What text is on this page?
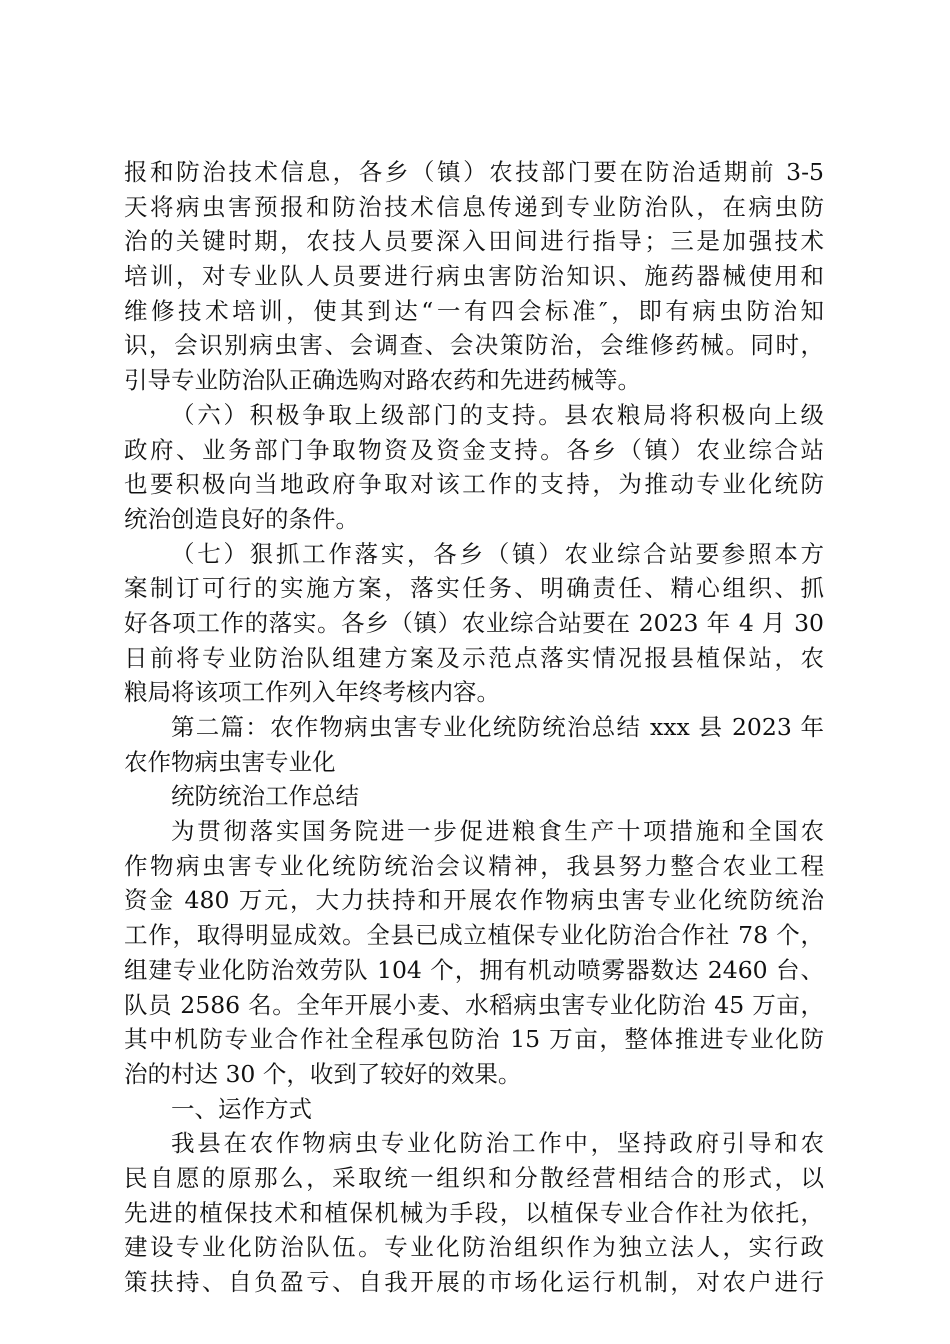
报和防治技术信息，各乡（镇）农技部门要在防治适期前 3-5
天将病虫害预报和防治技术信息传递到专业防治队，在病虫防
治的关键时期，农技人员要深入田间进行指导；三是加强技术
培训，对专业队人员要进行病虫害防治知识、施药器械使用和
维修技术培训，使其到达“一有四会标准″，即有病虫防治知
识，会识别病虫害、会调查、会决策防治，会维修药械。同时，
引导专业防治队正确选购对路农药和先进药械等。
（六）积极争取上级部门的支持。县农粮局将积极向上级
政府、业务部门争取物资及资金支持。各乡（镇）农业综合站
也要积极向当地政府争取对该工作的支持，为推动专业化统防
统治创造良好的条件。
（七）狠抓工作落实，各乡（镇）农业综合站要参照本方
案制订可行的实施方案，落实任务、明确责任、精心组织、抓
好各项工作的落实。各乡（镇）农业综合站要在 2023 年 4 月 30
日前将专业防治队组建方案及示范点落实情况报县植保站，农
粮局将该项工作列入年终考核内容。
第二篇：农作物病虫害专业化统防统治总结 xxx 县 2023 年
农作物病虫害专业化
统防统治工作总结
为贯彻落实国务院进一步促进粮食生产十项措施和全国农
作物病虫害专业化统防统治会议精神，我县努力整合农业工程
资金 480 万元，大力扶持和开展农作物病虫害专业化统防统治
工作，取得明显成效。全县已成立植保专业化防治合作社 78 个，
组建专业化防治效劳队 104 个，拥有机动喷雾器数达 2460 台、
队员 2586 名。全年开展小麦、水稻病虫害专业化防治 45 万亩，
其中机防专业合作社全程承包防治 15 万亩，整体推进专业化防
治的村达 30 个，收到了较好的效果。
一、运作方式
我县在农作物病虫专业化防治工作中，坚持政府引导和农
民自愿的原那么，采取统一组织和分散经营相结合的形式，以
先进的植保技术和植保机械为手段，以植保专业合作社为依托，
建设专业化防治队伍。专业化防治组织作为独立法人，实行政
策扶持、自负盈亏、自我开展的市场化运行机制，对农户进行
